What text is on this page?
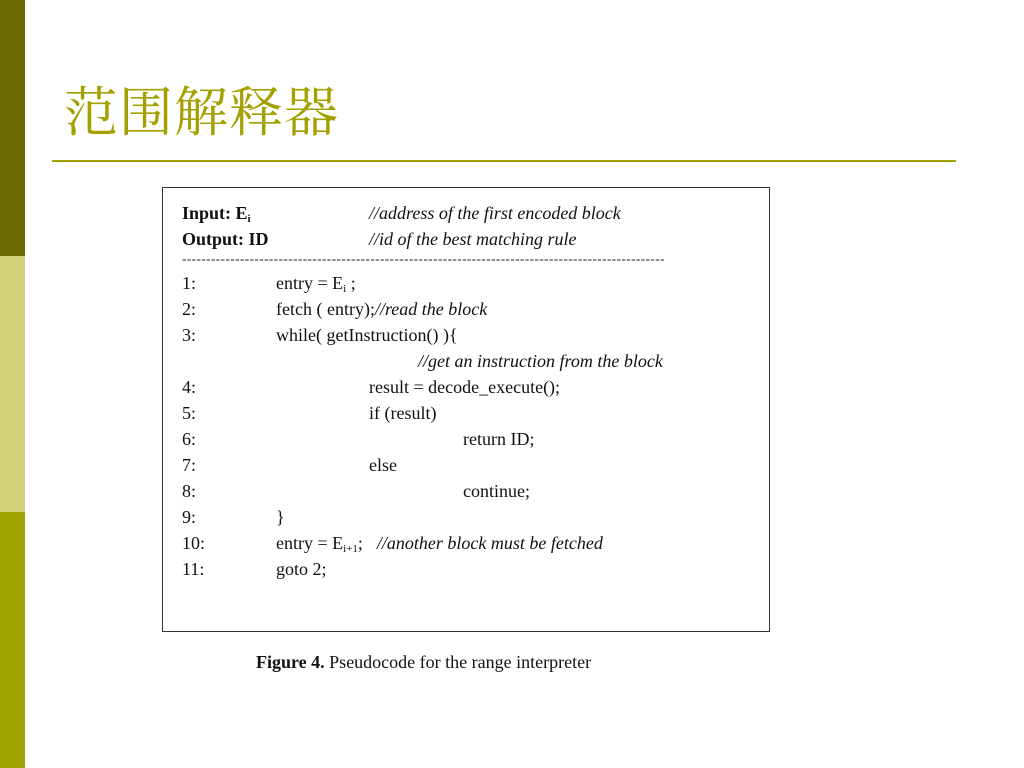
范围解释器
Input: $E_i$	//address of the first encoded block
Output: ID	//id of the best matching rule
----------------------------------------------------------------------------------------------------
1:	entry = $E_i$ ;
2:	fetch ( entry);//read the block
3:	while( getInstruction() ){
//get an instruction from the block
4:	result = decode_execute();
5:	if (result)
6:	return ID;
7:	else
8:	continue;
9:	}
10:	entry = $E_{i+1}$; //another block must be fetched
11:	goto 2;
Figure 4. Pseudocode for the range interpreter
